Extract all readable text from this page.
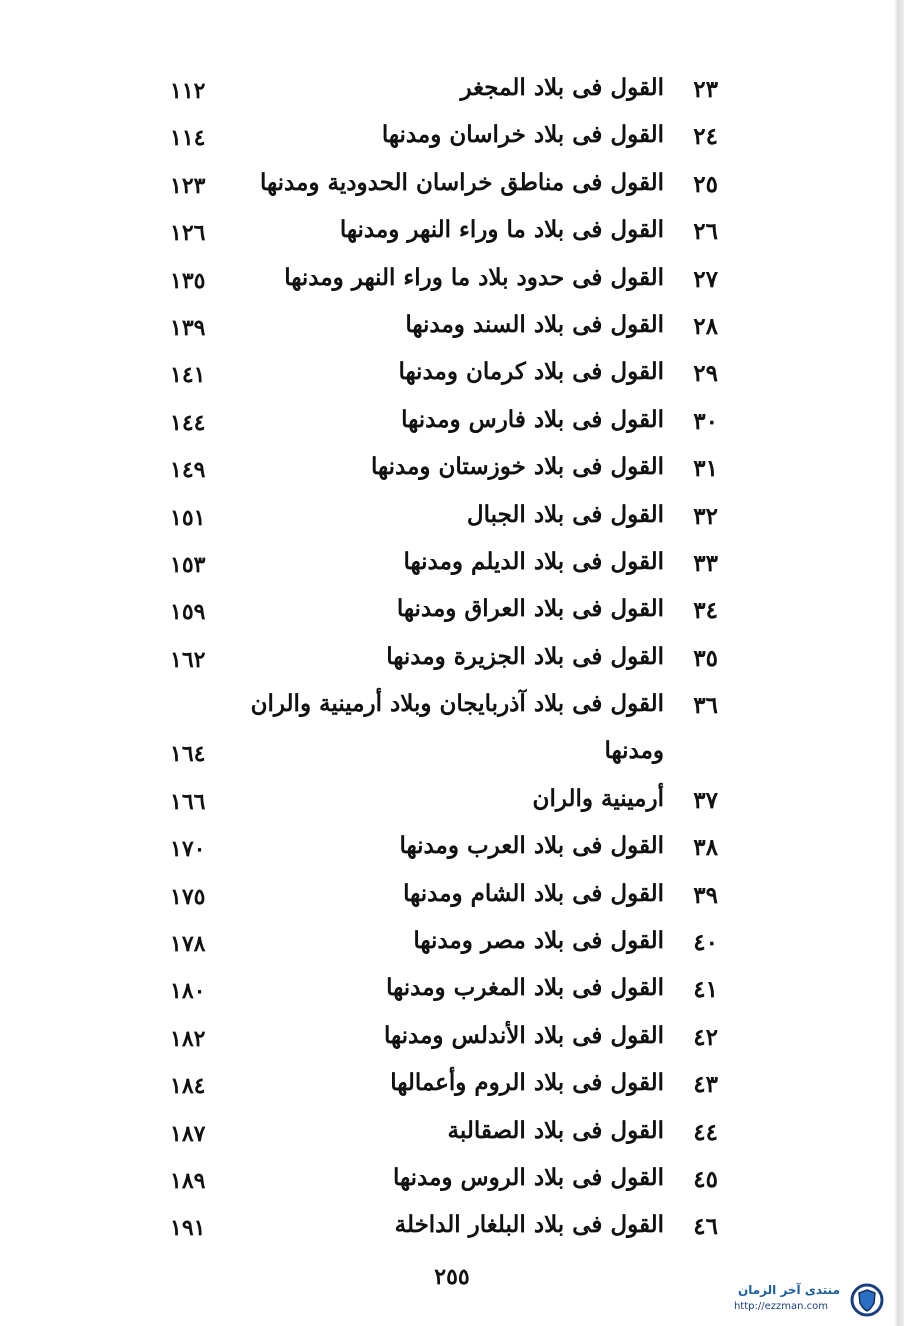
٢٣
القول فى بلاد المجغر
١١٢
٢٤
القول فى بلاد خراسان ومدنها
١١٤
٢٥
القول فى مناطق خراسان الحدودية ومدنها
١٢٣
٢٦
القول فى بلاد ما وراء النهر ومدنها
١٢٦
٢٧
القول فى حدود بلاد ما وراء النهر ومدنها
١٣٥
٢٨
القول فى بلاد السند ومدنها
١٣٩
٢٩
القول فى بلاد كرمان ومدنها
١٤١
٣٠
القول فى بلاد فارس ومدنها
١٤٤
٣١
القول فى بلاد خوزستان ومدنها
١٤٩
٣٢
القول فى بلاد الجبال
١٥١
٣٣
القول فى بلاد الديلم ومدنها
١٥٣
٣٤
القول فى بلاد العراق ومدنها
١٥٩
٣٥
القول فى بلاد الجزيرة ومدنها
١٦٢
٣٦
القول فى بلاد آذربايجان وبلاد أرمينية والران
ومدنها
١٦٤
٣٧
أرمينية والران
١٦٦
٣٨
القول فى بلاد العرب ومدنها
١٧٠
٣٩
القول فى بلاد الشام ومدنها
١٧٥
٤٠
القول فى بلاد مصر ومدنها
١٧٨
٤١
القول فى بلاد المغرب ومدنها
١٨٠
٤٢
القول فى بلاد الأندلس ومدنها
١٨٢
٤٣
القول فى بلاد الروم وأعمالها
١٨٤
٤٤
القول فى بلاد الصقالبة
١٨٧
٤٥
القول فى بلاد الروس ومدنها
١٨٩
٤٦
القول فى بلاد البلغار الداخلة
١٩١
٢٥٥	منتدى آخر الزمان
http://ezzman.com
